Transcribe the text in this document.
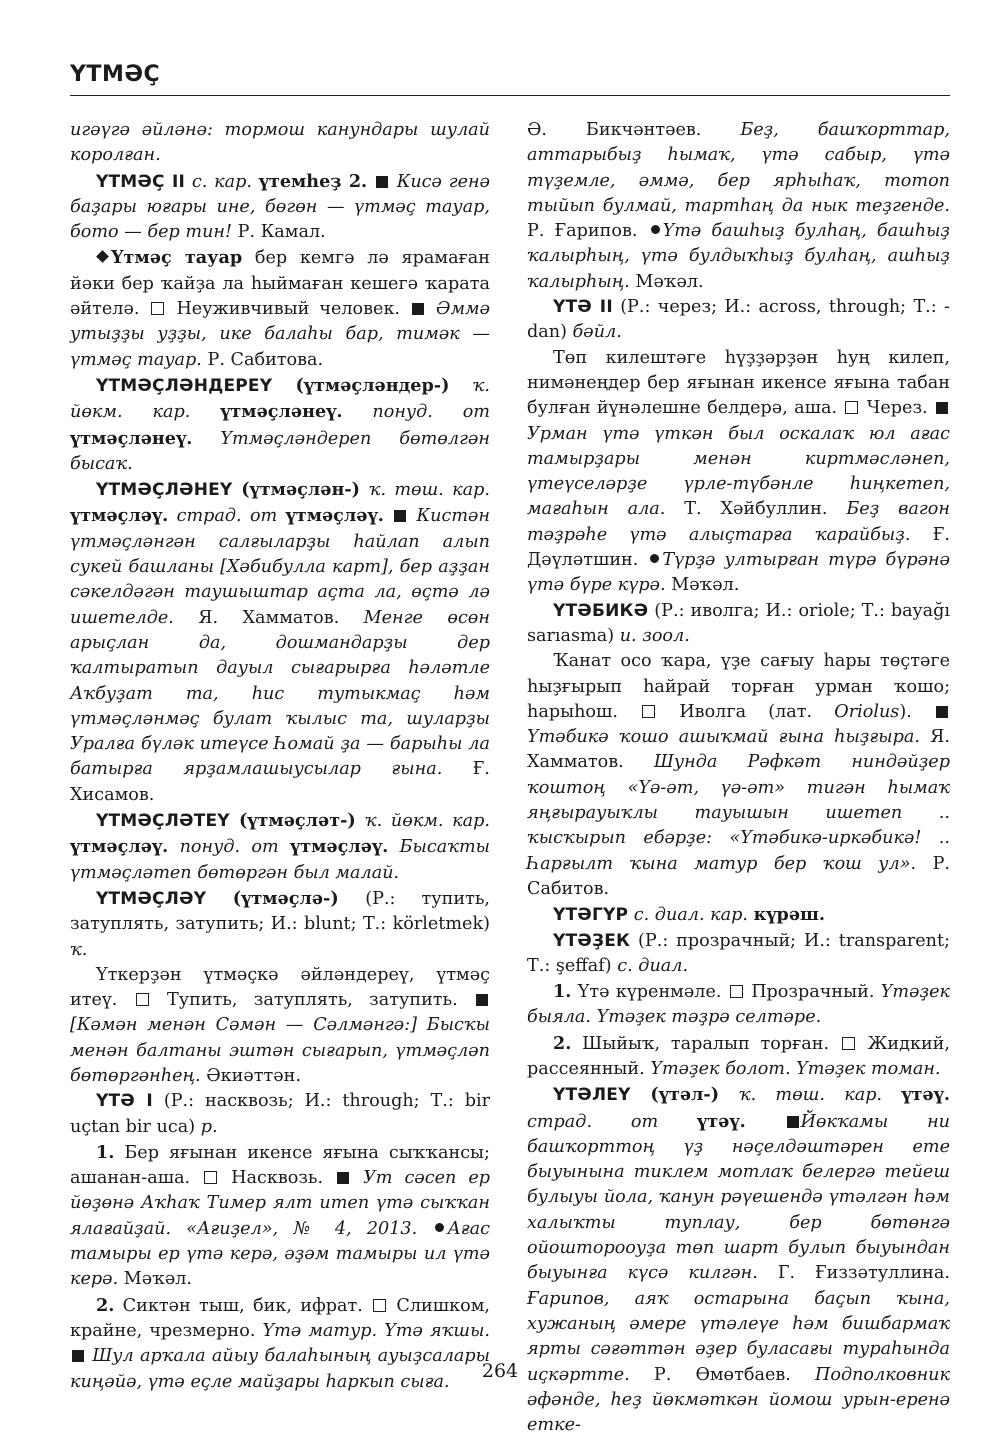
ҮТМӘҪ

игәүгә әйләнә: тормош канундары шулай королған.

ҮТМӘҪ II с. кар. үтемһеҙ 2.  Кисә генә баҙары юғары ине, бөгөн — үтмәҫ тауар, бото — бер тин! Р. Камал.

Үтмәҫ тауар бер кемгә лә ярамаған йәки бер ҡайҙа ла һыймаған кешегә ҡарата әйтелә.  Неуживчивый человек.  Әммә утыҙҙы уҙҙы, ике балаһы бар, тимәк — үтмәҫ тауар. Р. Сабитова.

ҮТМӘҪЛӘНДЕРЕҮ (үтмәҫләндер-) ҡ. йөкм. кар. үтмәҫләнеү. понуд. от үтмәҫләнеү. Үтмәҫләндереп бөтөлгән бысаҡ.

ҮТМӘҪЛӘНЕҮ (үтмәҫлән-) ҡ. төш. кар. үтмәҫләү. страд. от үтмәҫләү.  Кистән үтмәҫләнгән салғыларҙы һайлап алып сукей башланы [Хәбибулла карт], бер аҙҙан сәкелдәгән таушыштар аҫта ла, өҫтә лә ишетелде. Я. Хамматов. Менге өсөн арыҫлан да, дошмандарҙы дер ҡалтыратып дауыл сығарырға һәләтле Аҡбуҙат та, һис тутыкмаҫ һәм үтмәҫләнмәҫ булат ҡылыс та, шуларҙы Уралға бүләк итеүсе Һомай ҙа — барыһы ла батырға ярҙамлашыусылар ғына. Ғ. Хисамов.

ҮТМӘҪЛӘТЕҮ (үтмәҫләт-) ҡ. йөкм. кар. үтмәҫләү. понуд. от үтмәҫләү. Бысаҡты үтмәҫләтеп бөтөргән был малай.

ҮТМӘҪЛӘҮ (үтмәҫлә-) (Р.: тупить, затуплять, затупить; И.: blunt; Т.: körletmek) ҡ.

Үткерҙән үтмәҫкә әйләндереү, үтмәҫ итеү.  Тупить, затуплять, затупить.  [Кәмән менән Сәмән — Сәлмәнгә:] Бысҡы менән балтаны эштән сығарып, үтмәҫләп бөтөргәнһең. Әкиәттән.

ҮТӘ I (Р.: насквозь; И.: through; Т.: bir uçtan bir uca) р.

1. Бер яғынан икенсе яғына сыҡҡансы; ашанан-аша.  Насквозь.  Ут сәсеп ер йөҙөнә Аҡһаҡ Тимер ялт итеп үтә сыҡҡан ялағайҙай. «Ағиҙел», № 4, 2013. Ағас тамыры ер үтә керә, әҙәм тамыры ил үтә керә. Мәҡәл.

2. Сиктән тыш, бик, ифрат.  Слишком, крайне, чрезмерно. Үтә матур. Үтә яҡшы.  Шул арҡала айыу балаһының ауыҙсалары киңәйә, үтә еҫле майҙары һаркып сыға.

Ә. Бикчәнтәев. Беҙ, башҡорттар, аттарыбыҙ һымаҡ, үтә сабыр, үтә түҙемле, әммә, бер ярһыһаҡ, тотоп тыйып булмай, тартһаң да нык теҙгенде. Р. Ғарипов. Үтә башһыҙ булһаң, башһыҙ ҡалырһың, үтә булдыҡһыҙ булһаң, ашһыҙ ҡалырһың. Мәҡәл.

ҮТӘ II (Р.: через; И.: across, through; Т.: -dan) бәйл.

Төп килештәге һүҙҙәрҙән һуң килеп, нимәнеңдер бер яғынан икенсе яғына табан булған йүнәлешне белдерә, аша.  Через.  Урман үтә үткән был оскалаҡ юл ағас тамырҙары менән киртмәсләнеп, үтеүселәрҙе үрле-түбәнле һиңкетеп, мағаһын ала. Т. Хәйбуллин. Беҙ вагон тәҙрәһе үтә алыҫтарға ҡарайбыҙ. Ғ. Дәүләтшин. Түрҙә ултырған түрә бүрәнә үтә бүре күрә. Мәҡәл.

ҮТӘБИКӘ (Р.: иволга; И.: oriole; Т.: bayağı sarıasma) и. зоол.

Ҡанат осо ҡара, үҙе сағыу һары төҫтәге һыҙғырып һайрай торған урман ҡошо; һарыһош.  Иволга (лат. Oriolus).  Үтәбикә ҡошо ашыҡмай ғына һыҙғыра. Я. Хамматов. Шунда Рәфкәт ниндәйҙер ҡоштоң «Үә-әт, үә-әт» тигән һымаҡ яңғырауыҡлы тауышын ишетеп .. ҡысҡырып ебәрҙе: «Үтәбикә-иркәбикә! .. Һарғылт ҡына матур бер ҡош ул». Р. Сабитов.

ҮТӘГҮР с. диал. кар. күрәш.

ҮТӘҘЕК (Р.: прозрачный; И.: transparent; Т.: şeffaf) с. диал.

1. Үтә күренмәле.  Прозрачный. Үтәҙек быяла. Үтәҙек тәҙрә селтәре.

2. Шыйыҡ, таралып торған.  Жидкий, рассеянный. Үтәҙек болот. Үтәҙек томан.

ҮТӘЛЕҮ (үтәл-) ҡ. төш. кар. үтәү. страд. от үтәү.	Йөкҡамы ни башҡорттоң үҙ нәҫелдәштәрен ете быуынына тиклем мотлаҡ белергә тейеш булыуы йола, ҡанун рәүешендә үтәлгән һәм халыҡты туплау, бер бөтөнгә ойошторооуҙа төп шарт булып быуындан быуынға күсә килгән. Г. Ғиззәтуллина. Ғарипов, аяҡ остарына баҫып ҡына, хужаның әмере үтәлеүе һәм бишбармаҡ ярты сәғәттән әҙер буласағы тураһында иҫкәртте. Р. Өмөтбаев. Подполковник әфәнде, һеҙ йөкмәткән йомош урын-еренә етке-

264
